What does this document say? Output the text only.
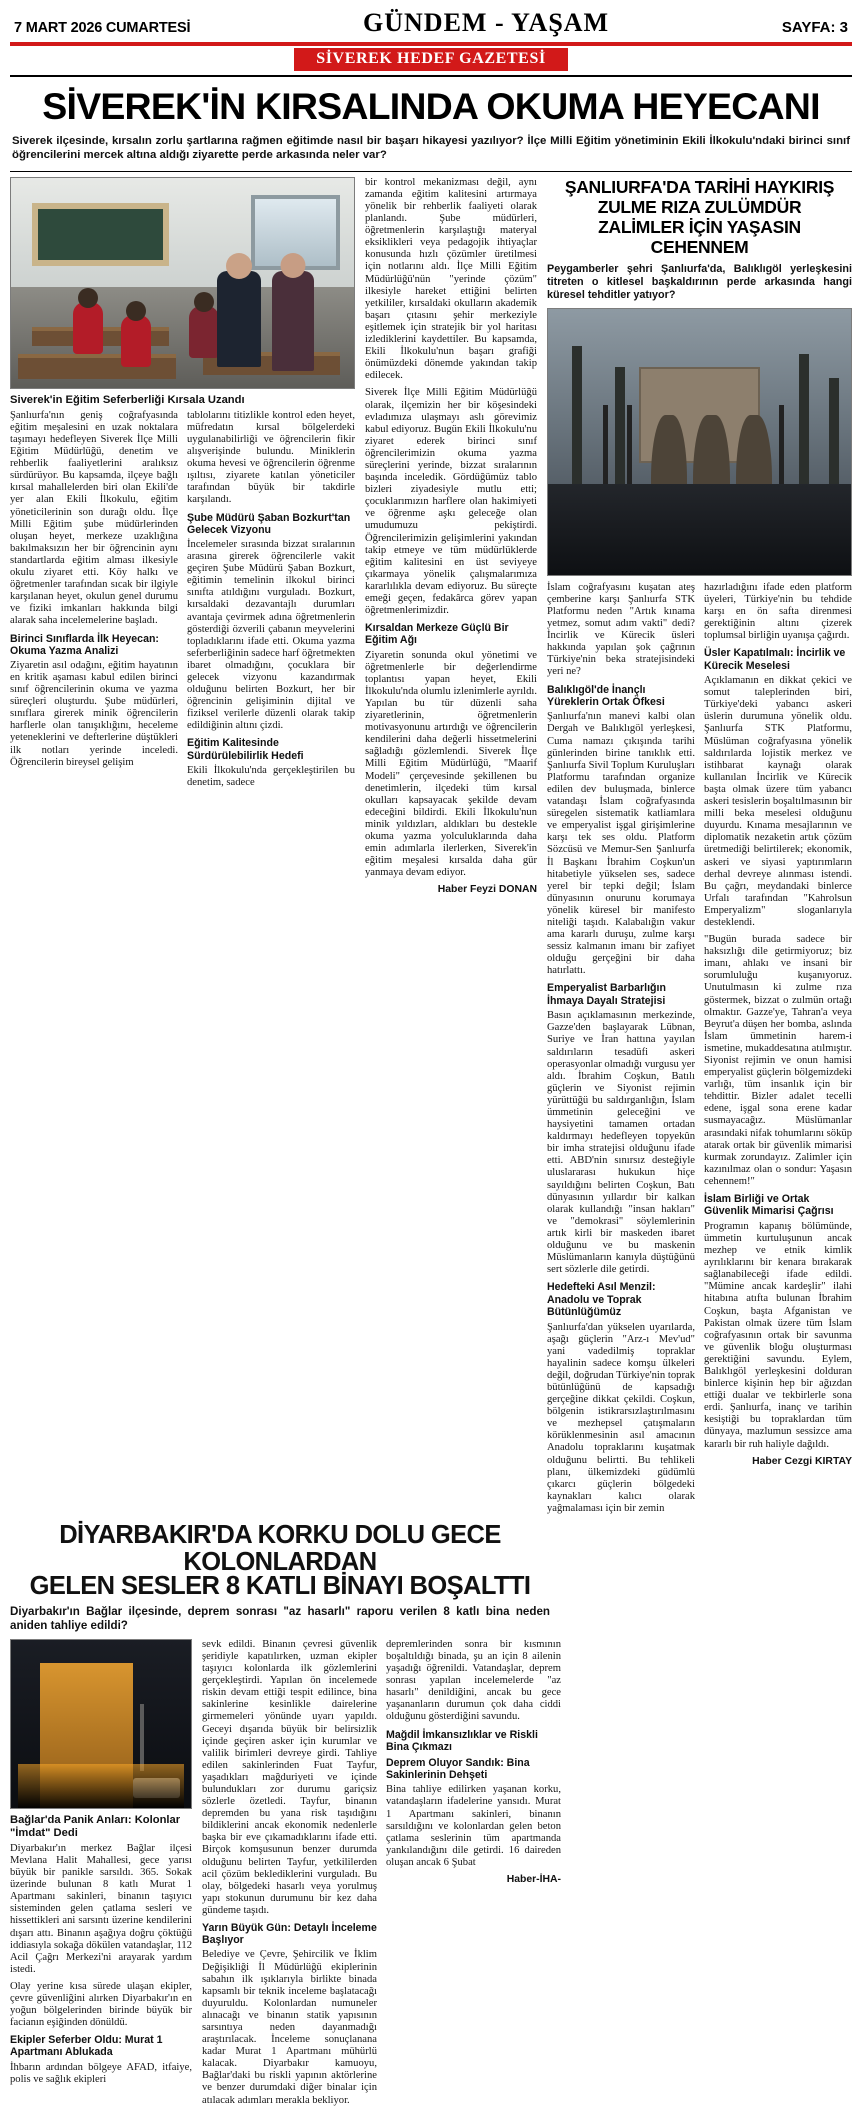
7 MART 2026 CUMARTESİ	GÜNDEM - YAŞAM	SAYFA: 3
SİVEREK HEDEF GAZETESİ
SİVEREK'İN KIRSALINDA OKUMA HEYECANI
Siverek ilçesinde, kırsalın zorlu şartlarına rağmen eğitimde nasıl bir başarı hikayesi yazılıyor? İlçe Milli Eğitim yönetiminin Ekili İlkokulu'ndaki birinci sınıf öğrencilerini mercek altına aldığı ziyarette perde arkasında neler var?
Siverek'in Eğitim Seferberliği Kırsala Uzandı

Şanlıurfa'nın geniş coğrafyasında eğitim meşalesini en uzak noktalara taşımayı hedefleyen Siverek İlçe Milli Eğitim Müdürlüğü, denetim ve rehberlik faaliyetlerini aralıksız sürdürüyor. Bu kapsamda, ilçeye bağlı kırsal mahallelerden biri olan Ekili'de yer alan Ekili İlkokulu, eğitim yöneticilerinin son durağı oldu. İlçe Milli Eğitim şube müdürlerinden oluşan heyet, merkeze uzaklığına bakılmaksızın her bir öğrencinin aynı standartlarda eğitim alması ilkesiyle okulu ziyaret etti. Köy halkı ve öğretmenler tarafından sıcak bir ilgiyle karşılanan heyet, okulun genel durumu ve fiziki imkanları hakkında bilgi alarak saha incelemelerine başladı.

Birinci Sınıflarda İlk Heyecan: Okuma Yazma Analizi

Ziyaretin asıl odağını, eğitim hayatının en kritik aşaması kabul edilen birinci sınıf öğrencilerinin okuma ve yazma süreçleri oluşturdu. Şube müdürleri, sınıflara girerek minik öğrencilerin harflerle olan tanışıklığını, heceleme yeteneklerini ve defterlerine düştükleri ilk notları yerinde inceledi. Öğrencilerin bireysel gelişim

tablolarını titizlikle kontrol eden heyet, müfredatın kırsal bölgelerdeki uygulanabilirliği ve öğrencilerin fikir alışverişinde bulundu. Miniklerin okuma hevesi ve öğrencilerin öğrenme ışıltısı, ziyarete katılan yöneticiler tarafından büyük bir takdirle karşılandı.

Şube Müdürü Şaban Bozkurt'tan Gelecek Vizyonu

İncelemeler sırasında bizzat sıralarının arasına girerek öğrencilerle vakit geçiren Şube Müdürü Şaban Bozkurt, eğitimin temelinin ilkokul birinci sınıfta atıldığını vurguladı. Bozkurt, kırsaldaki dezavantajlı durumları avantaja çevirmek adına öğretmenlerin gösterdiği özverili çabanın meyvelerini topladıklarını ifade etti. Okuma yazma seferberliğinin sadece harf öğretmekten ibaret olmadığını, çocuklara bir gelecek vizyonu kazandırmak olduğunu belirten Bozkurt, her bir öğrencinin gelişiminin dijital ve fiziksel verilerle düzenli olarak takip edildiğinin altını çizdi.

Eğitim Kalitesinde Sürdürülebilirlik Hedefi

Ekili İlkokulu'nda gerçekleştirilen bu denetim, sadece

bir kontrol mekanizması değil, aynı zamanda eğitim kalitesini artırmaya yönelik bir rehberlik faaliyeti olarak planlandı. Şube müdürleri, öğretmenlerin karşılaştığı materyal eksiklikleri veya pedagojik ihtiyaçlar konusunda hızlı çözümler üretilmesi için notlarını aldı. İlçe Milli Eğitim Müdürlüğü'nün "yerinde çözüm" ilkesiyle hareket ettiğini belirten yetkililer, kırsaldaki okulların akademik başarı çıtasını şehir merkeziyle eşitlemek için stratejik bir yol haritası izlediklerini kaydettiler. Bu kapsamda, Ekili İlkokulu'nun başarı grafiği önümüzdeki dönemde yakından takip edilecek.

Siverek İlçe Milli Eğitim Müdürlüğü olarak, ilçemizin her bir köşesindeki evladımıza ulaşmayı aslı görevimiz kabul ediyoruz. Bugün Ekili İlkokulu'nu ziyaret ederek birinci sınıf öğrencilerimizin okuma yazma süreçlerini yerinde, bizzat sıralarının başında inceledik. Gördüğümüz tablo bizleri ziyadesiyle mutlu etti; çocuklarımızın harflere olan hakimiyeti ve öğrenme aşkı geleceğe olan umudumuzu pekiştirdi. Öğrencilerimizin gelişimlerini yakından takip etmeye ve tüm müdürlüklerde eğitim kalitesini en üst seviyeye çıkarmaya yönelik çalışmalarımıza kararlılıkla devam ediyoruz. Bu süreçte emeği geçen, fedakârca görev yapan öğretmenlerimizdir.

Kırsaldan Merkeze Güçlü Bir Eğitim Ağı

Ziyaretin sonunda okul yönetimi ve öğretmenlerle bir değerlendirme toplantısı yapan heyet, Ekili İlkokulu'nda olumlu izlenimlerle ayrıldı. Yapılan bu tür düzenli saha ziyaretlerinin, öğretmenlerin motivasyonunu artırdığı ve öğrencilerin kendilerini daha değerli hissetmelerini sağladığı gözlemlendi. Siverek İlçe Milli Eğitim Müdürlüğü, "Maarif Modeli" çerçevesinde şekillenen bu denetimlerin, ilçedeki tüm kırsal okulları kapsayacak şekilde devam edeceğini bildirdi. Ekili İlkokulu'nun minik yıldızları, aldıkları bu destekle okuma yazma yolculuklarında daha emin adımlarla ilerlerken, Siverek'in eğitim meşalesi kırsalda daha gür yanmaya devam ediyor.

Haber Feyzi DONAN
ŞANLIURFA'DA TARİHİ HAYKIRIŞ
ZULME RIZA ZULÜMDÜR
ZALİMLER İÇİN YAŞASIN CEHENNEM
Peygamberler şehri Şanlıurfa'da, Balıklıgöl yerleşkesini titreten o kitlesel başkaldırının perde arkasında hangi küresel tehditler yatıyor?

İslam coğrafyasını kuşatan ateş çemberine karşı Şanlıurfa STK Platformu neden "Artık kınama yetmez, somut adım vakti" dedi? İncirlik ve Kürecik üsleri hakkında yapılan şok çağrının Türkiye'nin beka stratejisindeki yeri ne?

Balıklıgöl'de İnançlı Yüreklerin Ortak Öfkesi

Şanlıurfa'nın manevi kalbi olan Dergah ve Balıklıgöl yerleşkesi, Cuma namazı çıkışında tarihi günlerinden birine tanıklık etti. Şanlıurfa Sivil Toplum Kuruluşları Platformu tarafından organize edilen dev buluşmada, binlerce vatandaşı İslam coğrafyasında süregelen sistematik katliamlara ve emperyalist işgal girişimlerine karşı tek ses oldu. Platform Sözcüsü ve Memur-Sen Şanlıurfa İl Başkanı İbrahim Coşkun'un hitabetiyle yükselen ses, sadece yerel bir tepki değil; İslam dünyasının onurunu korumaya yönelik küresel bir manifesto niteliği taşıdı. Kalabalığın vakur ama kararlı duruşu, zulme karşı sessiz kalmanın imanı bir zafiyet olduğu gerçeğini bir daha hatırlattı.

Emperyalist Barbarlığın İhmaya Dayalı Stratejisi

Basın açıklamasının merkezinde, Gazze'den başlayarak Lübnan, Suriye ve İran hattına yayılan saldırıların tesadüfi askeri operasyonlar olmadığı vurgusu yer aldı. İbrahim Coşkun, Batılı güçlerin ve Siyonist rejimin yürüttüğü bu saldırganlığın, İslam ümmetinin geleceğini ve haysiyetini tamamen ortadan kaldırmayı hedefleyen topyekûn bir imha stratejisi olduğunu ifade etti. ABD'nin sınırsız desteğiyle uluslararası hukukun hiçe sayıldığını belirten Coşkun, Batı dünyasının yıllardır bir kalkan olarak kullandığı "insan hakları" ve "demokrasi" söylemlerinin artık kirli bir maskeden ibaret olduğunu ve bu maskenin Müslümanların kanıyla düştüğünü sert sözlerle dile getirdi.

Hedefteki Asıl Menzil: Anadolu ve Toprak Bütünlüğümüz

Şanlıurfa'dan yükselen uyarılarda, aşağı güçlerin "Arz-ı Mev'ud" yani vadedilmiş topraklar hayalinin sadece komşu ülkeleri değil, doğrudan Türkiye'nin toprak bütünlüğünü de kapsadığı gerçeğine dikkat çekildi. Coşkun, bölgenin istikrarsızlaştırılmasını ve mezhepsel çatışmaların körüklenmesinin asıl amacının Anadolu topraklarını kuşatmak olduğunu belirtti. Bu tehlikeli planı, ülkemizdeki güdümlü çıkarcı güçlerin bölgedeki kaynakları kalıcı olarak yağmalaması için bir zemin

hazırladığını ifade eden platform üyeleri, Türkiye'nin bu tehdide karşı en ön safta direnmesi gerektiğinin altını çizerek toplumsal birliğin uyanışa çağırdı.

Üsler Kapatılmalı: İncirlik ve Kürecik Meselesi

Açıklamanın en dikkat çekici ve somut taleplerinden biri, Türkiye'deki yabancı askeri üslerin durumuna yönelik oldu. Şanlıurfa STK Platformu, Müslüman coğrafyasına yönelik saldırılarda lojistik merkez ve istihbarat kaynağı olarak kullanılan İncirlik ve Kürecik başta olmak üzere tüm yabancı askeri tesislerin boşaltılmasının bir milli beka meselesi olduğunu duyurdu. Kınama mesajlarının ve diplomatik nezaketin artık çözüm üretmediği belirtilerek; ekonomik, askeri ve siyasi yaptırımların derhal devreye alınması istendi. Bu çağrı, meydandaki binlerce Urfalı tarafından "Kahrolsun Emperyalizm" sloganlarıyla desteklendi.

"Bugün burada sadece bir haksızlığı dile getirmiyoruz; biz imanı, ahlakı ve insani bir sorumluluğu kuşanıyoruz. Unutulmasın ki zulme rıza göstermek, bizzat o zulmün ortağı olmaktır. Gazze'ye, Tahran'a veya Beyrut'a düşen her bomba, aslında İslam ümmetinin harem-i ismetine, mukaddesatına atılmıştır. Siyonist rejimin ve onun hamisi emperyalist güçlerin bölgemizdeki varlığı, tüm insanlık için bir tehdittir. Bizler adalet tecelli edene, işgal sona erene kadar susmayacağız. Müslümanlar arasındaki nifak tohumlarını söküp atarak ortak bir güvenlik mimarisi kurmak zorundayız. Zalimler için kazınılmaz olan o sondur: Yaşasın cehennem!"

İslam Birliği ve Ortak Güvenlik Mimarisi Çağrısı

Programın kapanış bölümünde, ümmetin kurtuluşunun ancak mezhep ve etnik kimlik ayrılıklarını bir kenara bırakarak sağlanabileceği ifade edildi. "Mümine ancak kardeşlir" ilahi hitabına atıfta bulunan İbrahim Coşkun, başta Afganistan ve Pakistan olmak üzere tüm İslam coğrafyasının ortak bir savunma ve güvenlik bloğu oluşturması gerektiğini savundu. Eylem, Balıklıgöl yerleşkesini dolduran binlerce kişinin hep bir ağızdan ettiği dualar ve tekbirlerle sona erdi. Şanlıurfa, inanç ve tarihin kesiştiği bu topraklardan tüm dünyaya, mazlumun sessizce ama kararlı bir ruh haliyle dağıldı.

Haber Cezgi KIRTAY
DİYARBAKIR'DA KORKU DOLU GECE KOLONLARDAN
GELEN SESLER 8 KATLI BİNAYI BOŞALTTI
Diyarbakır'ın Bağlar ilçesinde, deprem sonrası "az hasarlı" raporu verilen 8 katlı bina neden aniden tahliye edildi?
Bağlar'da Panik Anları: Kolonlar "İmdat" Dedi

Diyarbakır'ın merkez Bağlar ilçesi Mevlana Halit Mahallesi, gece yarısı büyük bir panikle sarsıldı. 365. Sokak üzerinde bulunan 8 katlı Murat 1 Apartmanı sakinleri, binanın taşıyıcı sisteminden gelen çatlama sesleri ve hissettikleri ani sarsıntı üzerine kendilerini dışarı attı. Binanın aşağıya doğru çöktüğü iddiasıyla sokağa dökülen vatandaşlar, 112 Acil Çağrı Merkezi'ni arayarak yardım istedi.

Olay yerine kısa sürede ulaşan ekipler, çevre güvenliğini alırken Diyarbakır'ın en yoğun bölgelerinden birinde büyük bir facianın eşiğinden dönüldü.

Ekipler Seferber Oldu: Murat 1 Apartmanı Ablukada

İhbarın ardından bölgeye AFAD, itfaiye, polis ve sağlık ekipleri

sevk edildi. Binanın çevresi güvenlik şeridiyle kapatılırken, uzman ekipler taşıyıcı kolonlarda ilk gözlemlerini gerçekleştirdi. Yapılan ön incelemede riskin devam ettiği tespit edilince, bina sakinlerine kesinlikle dairelerine girmemeleri yönünde uyarı yapıldı. Geceyi dışarıda büyük bir belirsizlik içinde geçiren asker için kurumlar ve valilik birimleri devreye girdi. Tahliye edilen sakinlerinden Fuat Tayfur, yaşadıkları mağduriyeti ve içinde bulundukları zor durumu gariçsiz sözlerle özetledi. Tayfur, binanın depremden bu yana risk taşıdığını bildiklerini ancak ekonomik nedenlerle başka bir eve çıkamadıklarını ifade etti. Birçok komşusunun benzer durumda olduğunu belirten Tayfur, yetkililerden acil çözüm beklediklerini vurguladı. Bu olay, bölgedeki hasarlı veya yorulmuş yapı stokunun durumunu bir kez daha gündeme taşıdı.

Yarın Büyük Gün: Detaylı İnceleme Başlıyor

Belediye ve Çevre, Şehircilik ve İklim Değişikliği İl Müdürlüğü ekiplerinin sabahın ilk ışıklarıyla birlikte binada kapsamlı bir teknik inceleme başlatacağı duyuruldu. Kolonlardan numuneler alınacağı ve binanın statik yapısının sarsıntıya neden dayanmadığı araştırılacak. İnceleme sonuçlanana kadar Murat 1 Apartmanı mühürlü kalacak. Diyarbakır kamuoyu, Bağlar'daki bu riskli yapının aktörlerine ve benzer durumdaki diğer binalar için atılacak adımları merakla bekliyor.

depremlerinden sonra bir kısmının boşaltıldığı binada, şu an için 8 ailenin yaşadığı öğrenildi. Vatandaşlar, deprem sonrası yapılan incelemelerde "az hasarlı" denildiğini, ancak bu gece yaşananların durumun çok daha ciddi olduğunu gösterdiğini savundu.

Mağdil İmkansızlıklar ve Riskli Bina Çıkmazı
Deprem Oluyor Sandık: Bina Sakinlerinin Dehşeti

Bina tahliye edilirken yaşanan korku, vatandaşların ifadelerine yansıdı. Murat 1 Apartmanı sakinleri, binanın sarsıldığını ve kolonlardan gelen beton çatlama seslerinin tüm apartmanda yankılandığını dile getirdi. 16 daireden oluşan ancak 6 Şubat

Haber-İHA-
